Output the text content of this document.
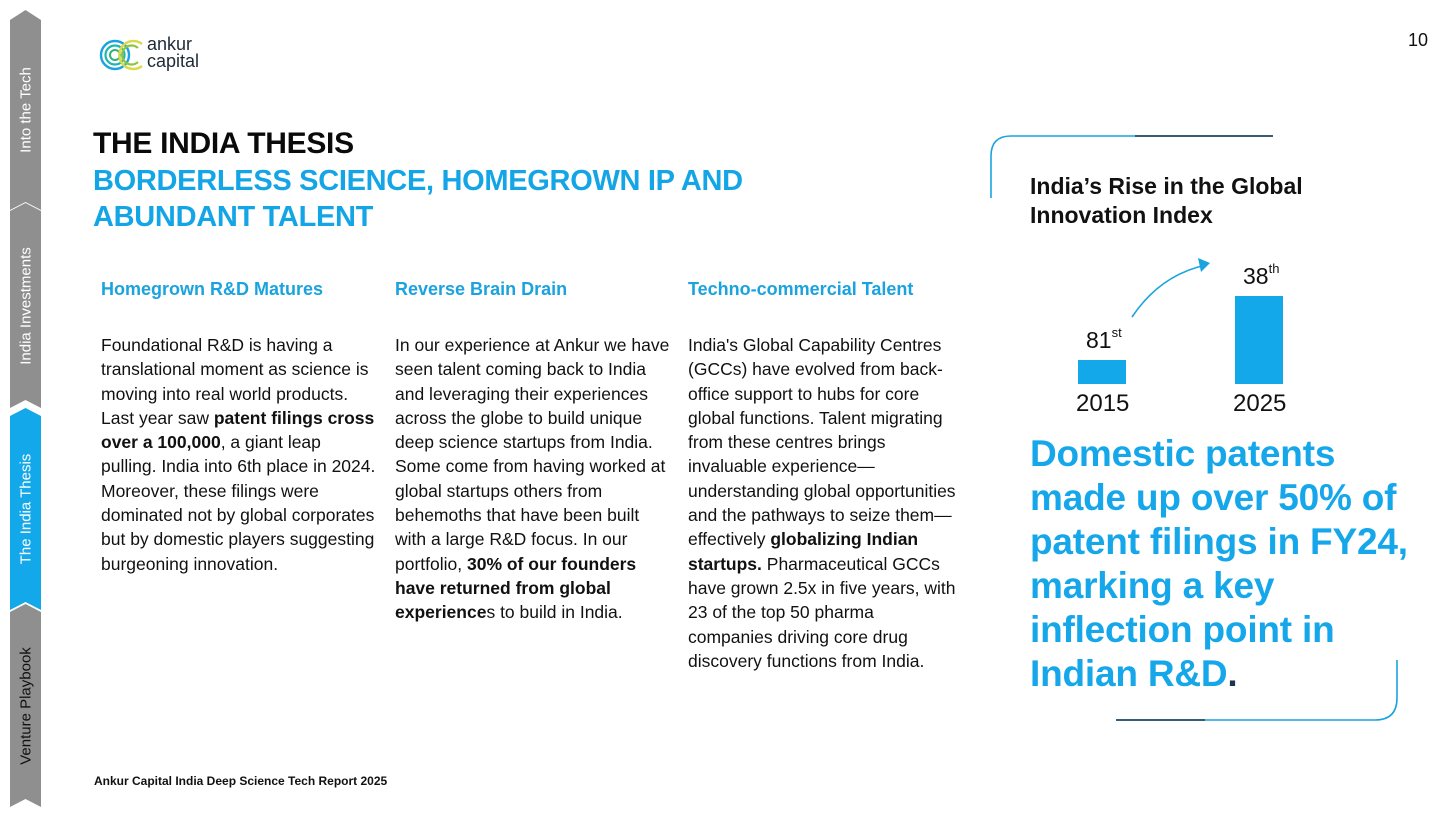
Into the Tech
India Investments
The India Thesis
Venture Playbook
10
ankur
capital
THE INDIA THESIS
BORDERLESS SCIENCE, HOMEGROWN IP AND ABUNDANT TALENT
Homegrown R&D Matures
Foundational R&D is having a translational moment as science is moving into real world products. Last year saw patent filings cross over a 100,000, a giant leap pulling. India into 6th place in 2024. Moreover, these filings were dominated not by global corporates but by domestic players suggesting burgeoning innovation.
Reverse Brain Drain
In our experience at Ankur we have seen talent coming back to India and leveraging their experiences across the globe to build unique deep science startups from India. Some come from having worked at global startups others from behemoths that have been built with a large R&D focus. In our portfolio, 30% of our founders have returned from global experiences to build in India.
Techno-commercial Talent
India's Global Capability Centres (GCCs) have evolved from back-office support to hubs for core global functions. Talent migrating from these centres brings invaluable experience—understanding global opportunities and the pathways to seize them—effectively globalizing Indian startups. Pharmaceutical GCCs have grown 2.5x in five years, with 23 of the top 50 pharma companies driving core drug discovery functions from India.
India’s Rise in the Global Innovation Index
81st
2015
38th
2025
Domestic patents made up over 50% of patent filings in FY24, marking a key inflection point in Indian R&D.
Ankur Capital India Deep Science Tech Report 2025
